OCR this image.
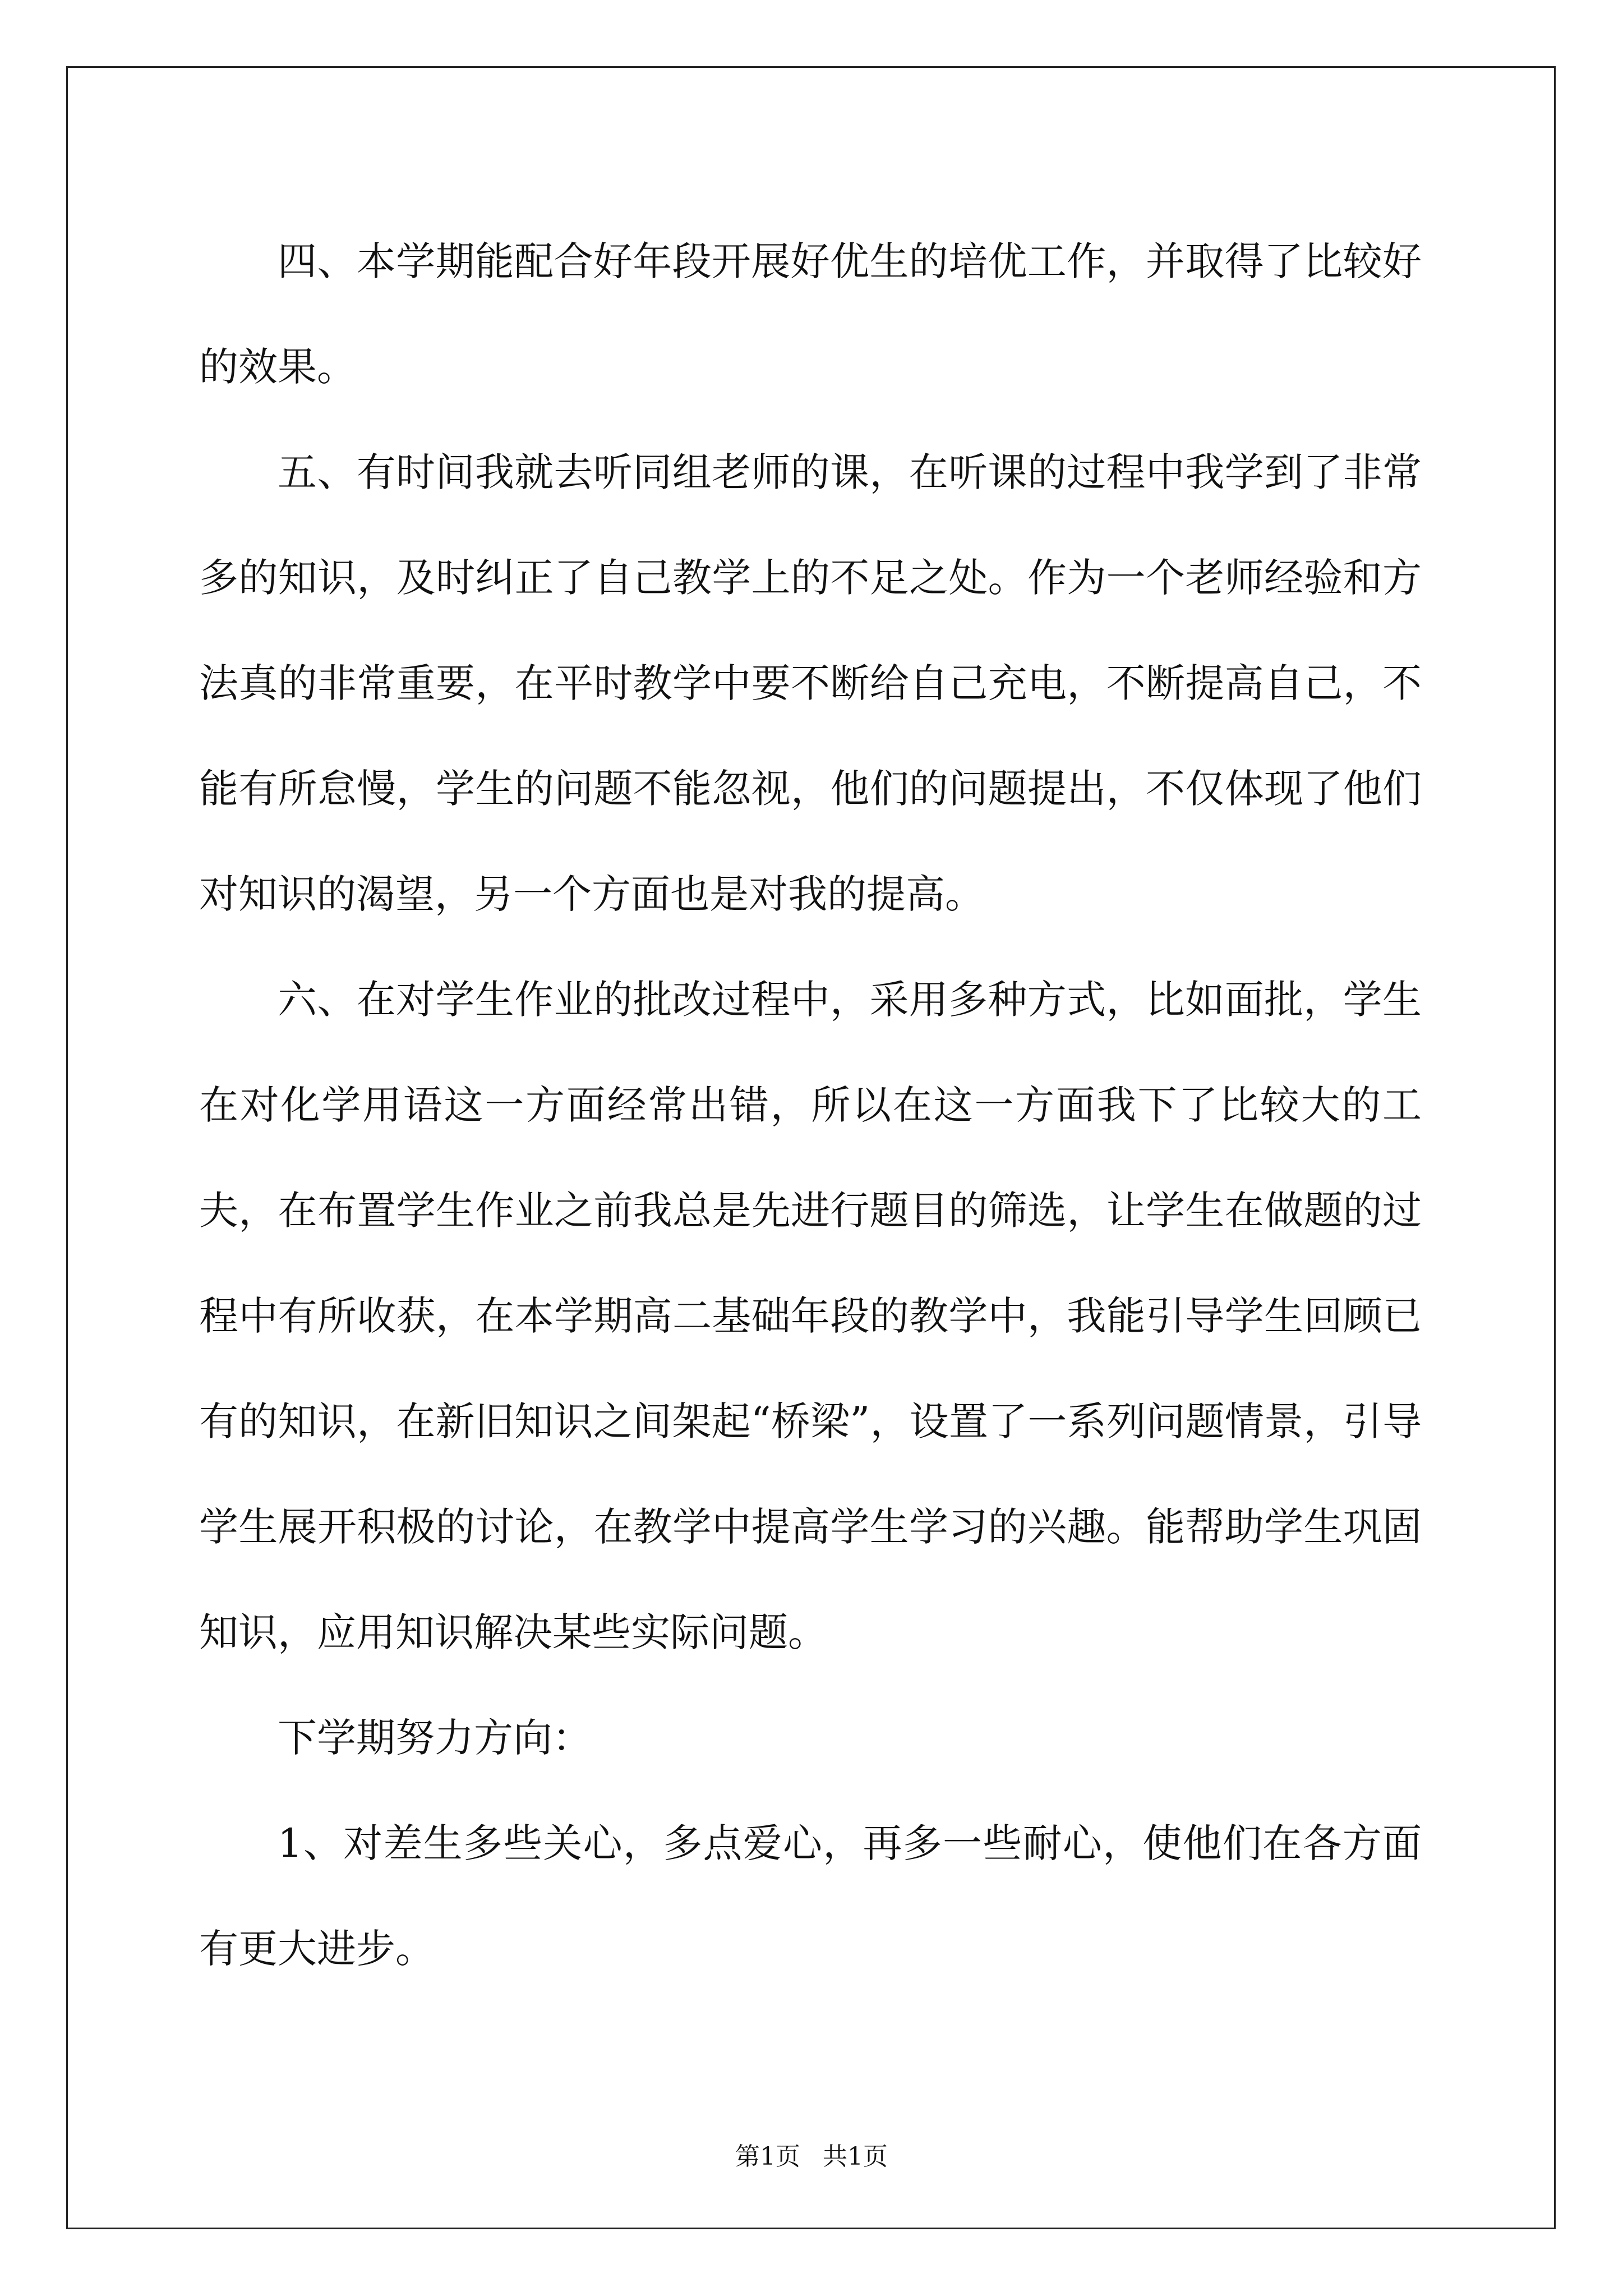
四、本学期能配合好年段开展好优生的培优工作，并取得了比较好的效果。

五、有时间我就去听同组老师的课，在听课的过程中我学到了非常多的知识，及时纠正了自己教学上的不足之处。作为一个老师经验和方法真的非常重要，在平时教学中要不断给自己充电，不断提高自己，不能有所怠慢，学生的问题不能忽视，他们的问题提出，不仅体现了他们对知识的渴望，另一个方面也是对我的提高。

六、在对学生作业的批改过程中，采用多种方式，比如面批，学生在对化学用语这一方面经常出错，所以在这一方面我下了比较大的工夫，在布置学生作业之前我总是先进行题目的筛选，让学生在做题的过程中有所收获，在本学期高二基础年段的教学中，我能引导学生回顾已有的知识，在新旧知识之间架起“桥梁”，设置了一系列问题情景，引导学生展开积极的讨论，在教学中提高学生学习的兴趣。能帮助学生巩固知识，应用知识解决某些实际问题。

下学期努力方向：

1、对差生多些关心，多点爱心，再多一些耐心，使他们在各方面有更大进步。

第1页 共1页
